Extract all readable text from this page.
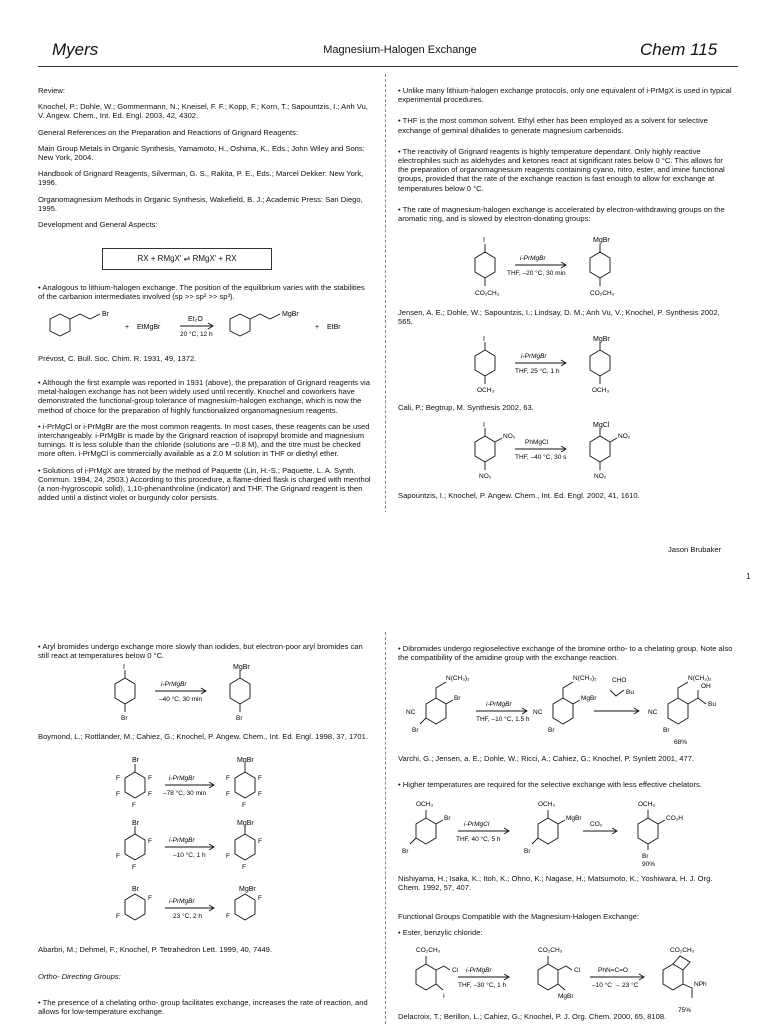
Myers	Magnesium-Halogen Exchange	Chem 115

Review:

Knochel, P.; Dohle, W.; Gommermann, N.; Kneisel, F. F.; Kopp, F.; Korn, T.; Sapountzis, I.; Anh Vu, V. Angew. Chem., Int. Ed. Engl. 2003, 42, 4302.

General References on the Preparation and Reactions of Grignard Reagents:

Main Group Metals in Organic Synthesis, Yamamoto, H., Oshima, K., Eds.; John Wiley and Sons: New York, 2004.

Handbook of Grignard Reagents, Silverman, G. S., Rakita, P. E., Eds.; Marcel Dekker: New York, 1996.

Organomagnesium Methods in Organic Synthesis, Wakefield, B. J.; Academic Press: San Diego, 1995.

Development and General Aspects:

RX + RMgX' ⇌ RMgX' + RX

• Analogous to lithium-halogen exchange. The position of the equilibrium varies with the stabilities of the carbanion intermediates involved (sp >> sp² >> sp³).

Br
+ EtMgBr
Et₂O
20 °C, 12 h
MgBr
+ EtBr
Prévost, C. Bull. Soc. Chim. R. 1931, 49, 1372.

• Although the first example was reported in 1931 (above), the preparation of Grignard reagents via metal-halogen exchange has not been widely used until recently. Knochel and coworkers have demonstrated the functional-group tolerance of magnesium-halogen exchange, which is now the method of choice for the preparation of highly functionalized organomagnesium reagents.

• i-PrMgCl or i-PrMgBr are the most common reagents. In most cases, these reagents can be used interchangeably. i-PrMgBr is made by the Grignard reaction of isopropyl bromide and magnesium turnings. It is less soluble than the chloride (solutions are ~0.8 M), and the titre must be checked more often. i-PrMgCl is commercially available as a 2.0 M solution in THF or diethyl ether.

• Solutions of i-PrMgX are titrated by the method of Paquette (Lin, H.-S.; Paquette, L. A. Synth. Commun. 1994, 24, 2503.) According to this procedure, a flame-dried flask is charged with menthol (a non-hygroscopic solid), 1,10-phenanthroline (indicator) and THF. The Grignard reagent is then added until a distinct violet or burgundy color persists.

• Unlike many lithium-halogen exchange protocols, only one equivalent of i-PrMgX is used in typical experimental procedures.

• THF is the most common solvent. Ethyl ether has been employed as a solvent for selective exchange of geminal dihalides to generate magnesium carbenoids.

• The reactivity of Grignard reagents is highly temperature dependant. Only highly reactive electrophiles such as aldehydes and ketones react at significant rates below 0 °C. This allows for the preparation of organomagnesium reagents containing cyano, nitro, ester, and imine functional groups, provided that the rate of the exchange reaction is fast enough to allow for exchange at temperatures below 0 °C.

• The rate of magnesium-halogen exchange is accelerated by electron-withdrawing groups on the aromatic ring, and is slowed by electron-donating groups:

I
CO₂CH₃
i-PrMgBr
THF, –20 °C, 30 min
MgBr
CO₂CH₃
Jensen, A. E.; Dohle, W.; Sapountzis, I.; Lindsay, D. M.; Anh Vu, V.; Knochel, P. Synthesis 2002, 565.
I
OCH₃
i-PrMgBr
THF, 25 °C, 1 h
MgBr
OCH₃
Cali, P.; Begtrup, M. Synthesis 2002, 63.
I
NO₂
NO₂
PhMgCl
THF, –40 °C, 30 s
MgCl
NO₂
NO₂
Sapountzis, I.; Knochel, P. Angew. Chem., Int. Ed. Engl. 2002, 41, 1610.
Jason Brubaker
1

• Aryl bromides undergo exchange more slowly than iodides, but electron-poor aryl bromides can still react at temperatures below 0 °C.

I
Br
i-PrMgBr
–40 °C, 30 min
MgBr
Br
Boymond, L.; Rottländer, M.; Cahiez, G.; Knochel, P. Angew. Chem., Int. Ed. Engl. 1998, 37, 1701.
Br
F	F
F	F
F
i-PrMgBr
–78 °C, 30 min
MgBr
F	F
F	F
F
Br
F
F
F
i-PrMgBr
–10 °C, 1 h
MgBr
F
F
F
Br
F
F
i-PrMgBr
23 °C, 2 h
MgBr
F
F
Abarbri, M.; Dehmel, F.; Knochel, P. Tetrahedron Lett. 1999, 40, 7449.
Ortho- Directing Groups:

• The presence of a chelating ortho- group facilitates exchange, increases the rate of reaction, and allows for low-temperature exchange.

• Dibromides undergo regioselective exchange of the bromine ortho- to a chelating group. Note also the compatibility of the amidine group with the exchange reaction.

N(CH₃)₂
NC
Br
Br
i-PrMgBr
THF, –10 °C, 1.5 h
N(CH₃)₂
NC
MgBr
Br
CHO
Bu
N(CH₃)₂
NC
OH
Bu
Br
68%
Varchi, G.; Jensen, a. E.; Dohle, W.; Ricci, A.; Cahiez, G.; Knochel, P. Synlett 2001, 477.

• Higher temperatures are required for the selective exchange with less effective chelators.

OCH₃
Br
Br
i-PrMgCl
THF, 40 °C, 5 h
OCH₃
MgBr
Br
CO₂
OCH₃
CO₂H
Br
90%
Nishiyama, H.; Isaka, K.; Itoh, K.; Ohno, K.; Nagase, H.; Matsumoto, K.; Yoshiwara, H. J. Org. Chem. 1992, 57, 407.
Functional Groups Compatible with the Magnesium-Halogen Exchange:

• Ester, benzylic chloride:

CO₂CH₃
Cl
I
i-PrMgBr
THF, –30 °C, 1 h
CO₂CH₃
Cl
MgBr
PhN=C=O
–10 °C → 23 °C
CO₂CH₃
NPh
75%
Delacroix, T.; Berillon, L.; Cahiez, G.; Knochel, P. J. Org. Chem. 2000, 65, 8108.
